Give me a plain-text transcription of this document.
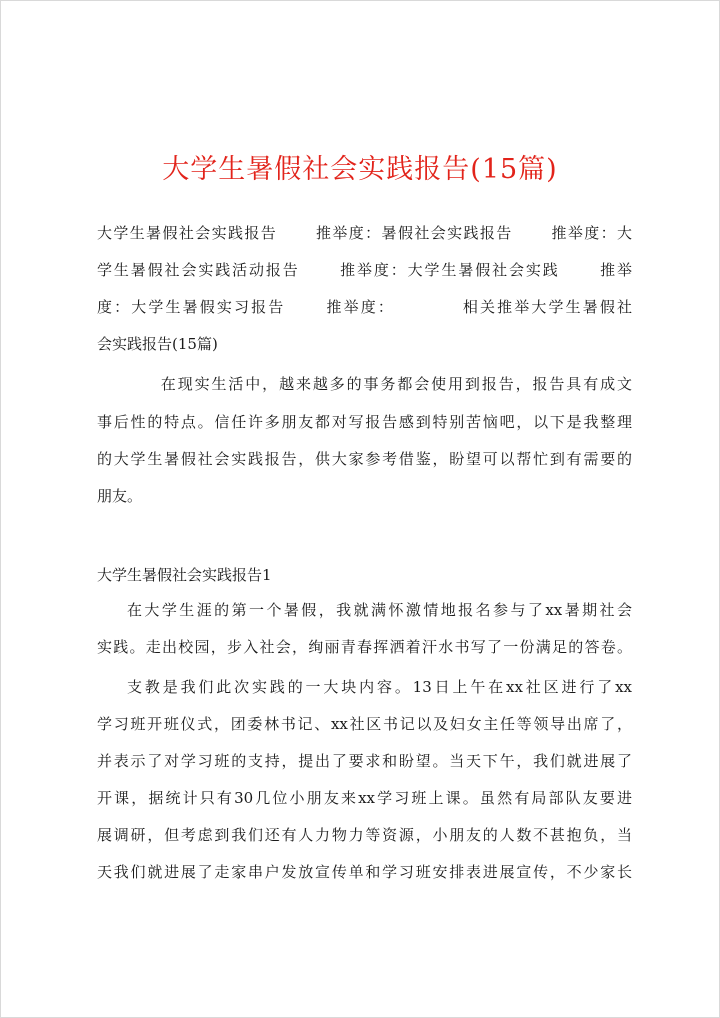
大学生暑假社会实践报告(15篇)
大学生暑假社会实践报告　　 推举度：暑假社会实践报告　　 推举度：大
学生暑假社会实践活动报告　　 推举度：大学生暑假社会实践　　 推举
度：大学生暑假实习报告　　 推举度：　　　　 相关推举大学生暑假社
会实践报告(15篇)
　　在现实生活中，越来越多的事务都会使用到报告，报告具有成文
事后性的特点。信任许多朋友都对写报告感到特别苦恼吧，以下是我整理
的大学生暑假社会实践报告，供大家参考借鉴，盼望可以帮忙到有需要的
朋友。
大学生暑假社会实践报告1
在大学生涯的第一个暑假，我就满怀激情地报名参与了xx暑期社会
实践。走出校园，步入社会，绚丽青春挥洒着汗水书写了一份满足的答卷。
支教是我们此次实践的一大块内容。13日上午在xx社区进行了xx
学习班开班仪式，团委林书记、xx社区书记以及妇女主任等领导出席了，
并表示了对学习班的支持，提出了要求和盼望。当天下午，我们就进展了
开课，据统计只有30几位小朋友来xx学习班上课。虽然有局部队友要进
展调研，但考虑到我们还有人力物力等资源，小朋友的人数不甚抱负，当
天我们就进展了走家串户发放宣传单和学习班安排表进展宣传，不少家长
